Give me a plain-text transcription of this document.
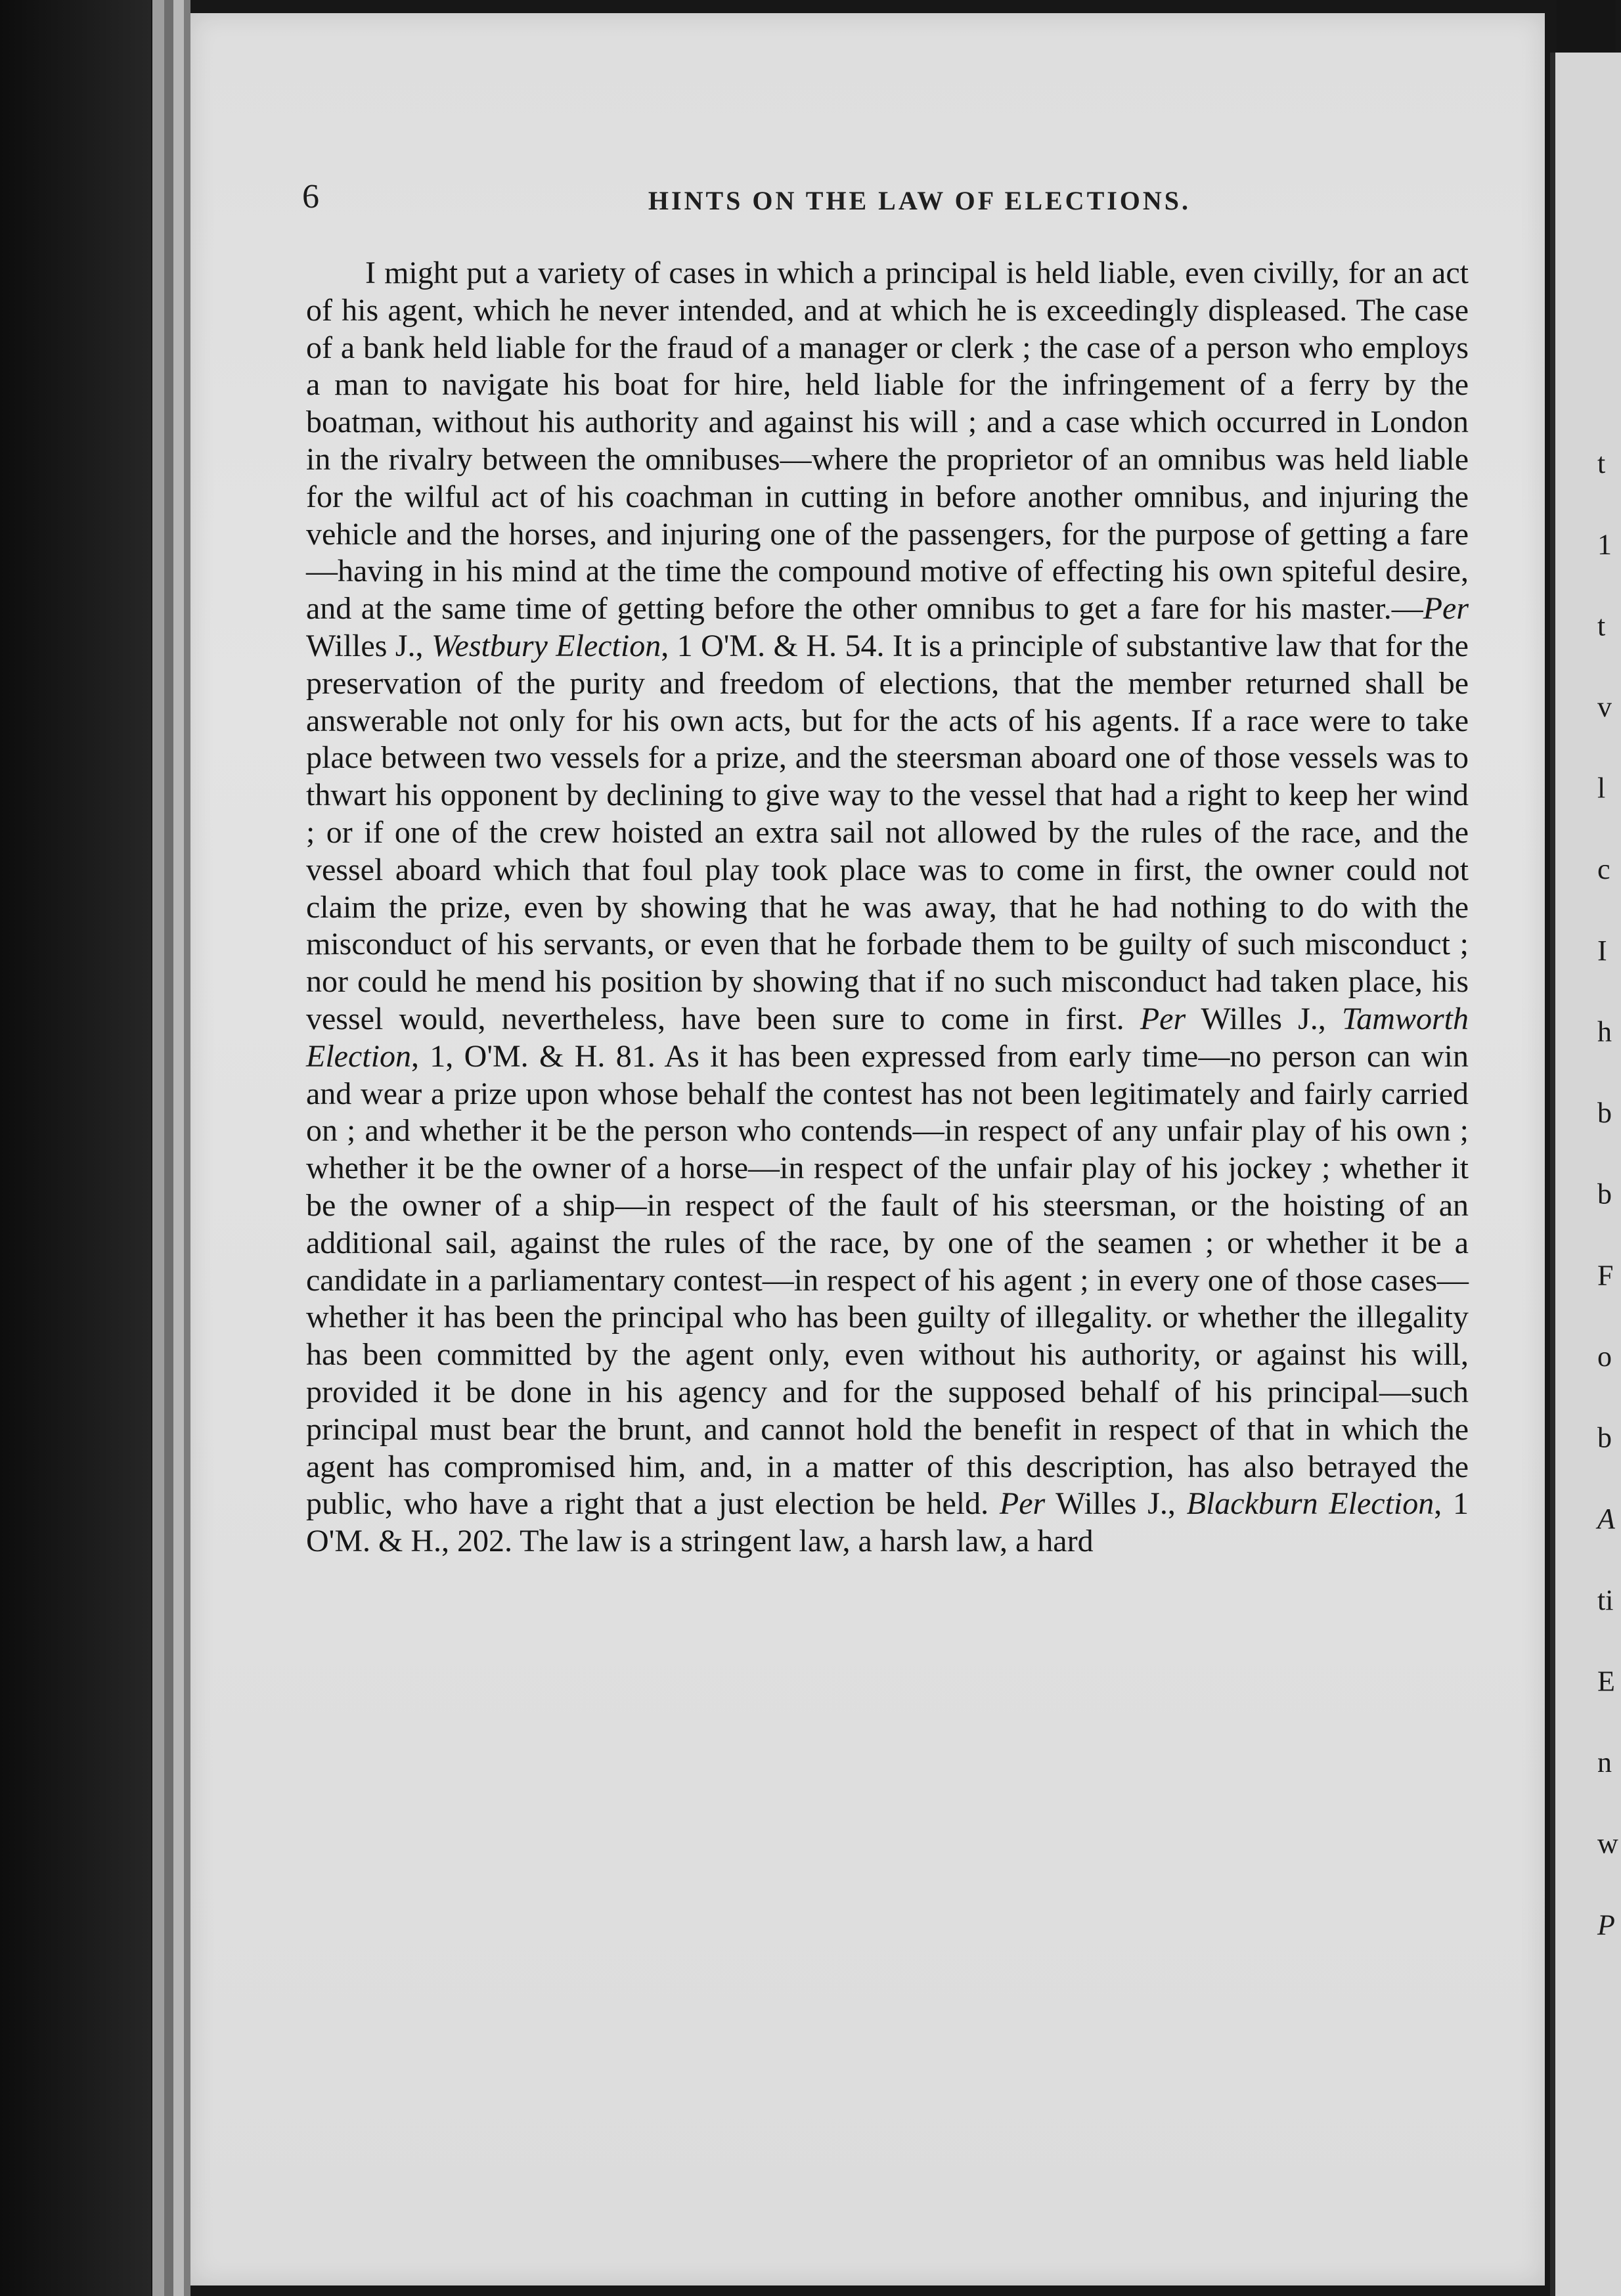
t
1
t
v
l
c
I
h
b
b
F
o
b
A
ti
E
n
w
P
6	HINTS ON THE LAW OF ELECTIONS.

I might put a variety of cases in which a principal is held liable, even civilly, for an act of his agent, which he never intended, and at which he is exceedingly displeased. The case of a bank held liable for the fraud of a manager or clerk ; the case of a person who employs a man to navigate his boat for hire, held liable for the infringement of a ferry by the boatman, without his authority and against his will ; and a case which occurred in London in the rivalry between the omnibuses—where the proprietor of an omnibus was held liable for the wilful act of his coachman in cutting in before another omnibus, and injuring the vehicle and the horses, and injuring one of the passengers, for the purpose of getting a fare—having in his mind at the time the compound motive of effecting his own spiteful desire, and at the same time of getting before the other omnibus to get a fare for his master.—Per Willes J., Westbury Election, 1 O'M. & H. 54. It is a principle of substantive law that for the preservation of the purity and freedom of elections, that the member returned shall be answerable not only for his own acts, but for the acts of his agents. If a race were to take place between two vessels for a prize, and the steersman aboard one of those vessels was to thwart his opponent by declining to give way to the vessel that had a right to keep her wind ; or if one of the crew hoisted an extra sail not allowed by the rules of the race, and the vessel aboard which that foul play took place was to come in first, the owner could not claim the prize, even by showing that he was away, that he had nothing to do with the misconduct of his servants, or even that he forbade them to be guilty of such misconduct ; nor could he mend his position by showing that if no such misconduct had taken place, his vessel would, nevertheless, have been sure to come in first. Per Willes J., Tamworth Election, 1, O'M. & H. 81. As it has been expressed from early time—no person can win and wear a prize upon whose behalf the contest has not been legitimately and fairly carried on ; and whether it be the person who contends—in respect of any unfair play of his own ; whether it be the owner of a horse—in respect of the unfair play of his jockey ; whether it be the owner of a ship—in respect of the fault of his steersman, or the hoisting of an additional sail, against the rules of the race, by one of the seamen ; or whether it be a candidate in a parliamentary contest—in respect of his agent ; in every one of those cases—whether it has been the principal who has been guilty of illegality. or whether the illegality has been committed by the agent only, even without his authority, or against his will, provided it be done in his agency and for the supposed behalf of his principal—such principal must bear the brunt, and cannot hold the benefit in respect of that in which the agent has compromised him, and, in a matter of this description, has also betrayed the public, who have a right that a just election be held. Per Willes J., Blackburn Election, 1 O'M. & H., 202. The law is a stringent law, a harsh law, a hard
